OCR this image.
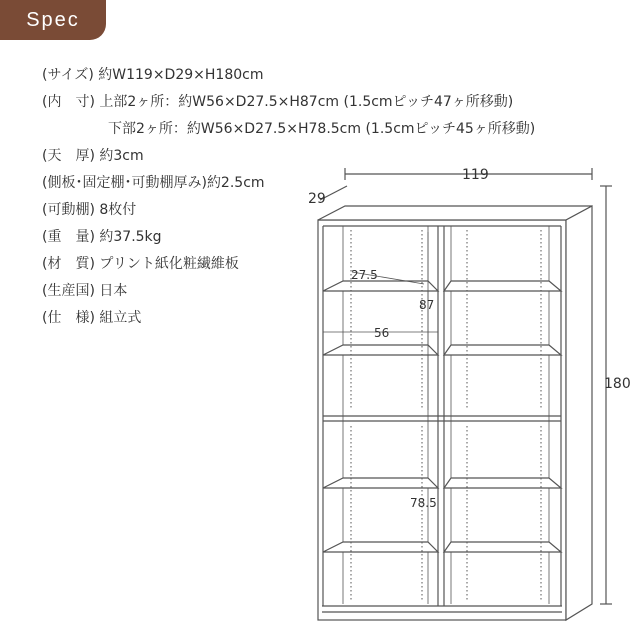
Spec
(サイズ) 約W119×D29×H180cm
(内　寸) 上部2ヶ所：約W56×D27.5×H87cm (1.5cmピッチ47ヶ所移動)
下部2ヶ所：約W56×D27.5×H78.5cm (1.5cmピッチ45ヶ所移動)
(天　厚) 約3cm
(側板･固定棚･可動棚厚み)約2.5cm
(可動棚) 8枚付
(重　量) 約37.5kg
(材　質) プリント紙化粧繊維板
(生産国) 日本
(仕　様) 組立式
119
29
180
27.5
87
56
78.5
